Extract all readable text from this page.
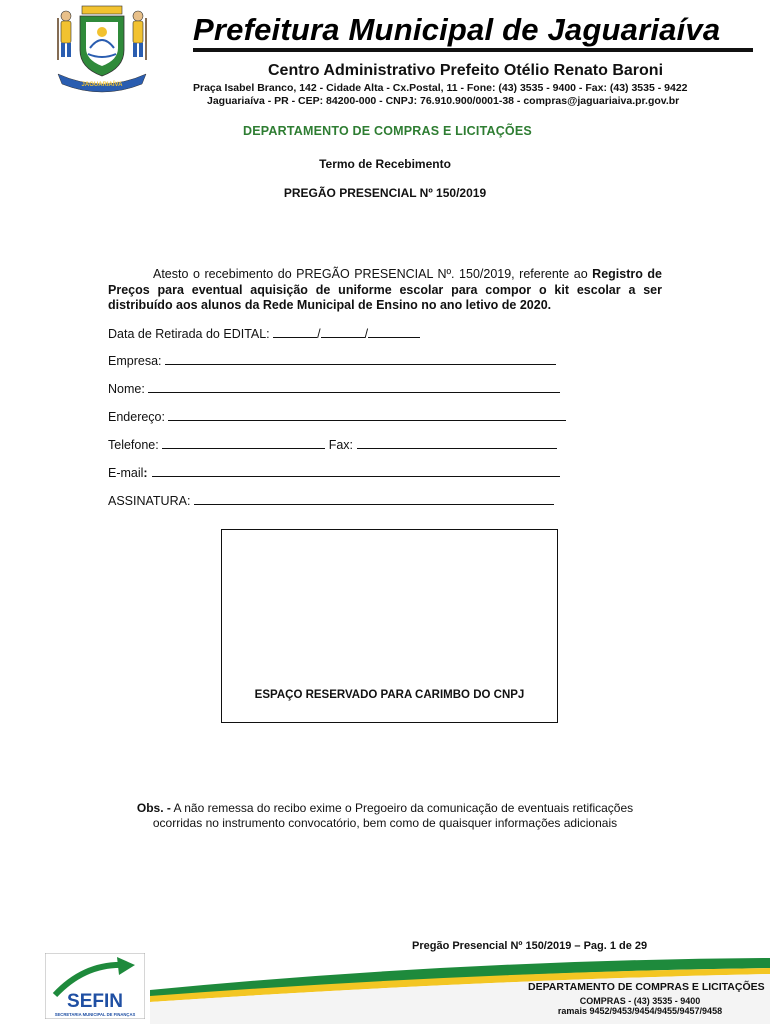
JAGUARIAÍVA
1823	1908
Prefeitura Municipal de Jaguariaíva
Centro Administrativo Prefeito Otélio Renato Baroni
Praça Isabel Branco, 142 - Cidade Alta - Cx.Postal, 11 - Fone: (43) 3535 - 9400 - Fax: (43) 3535 - 9422
Jaguariaíva - PR - CEP: 84200-000 - CNPJ: 76.910.900/0001-38 - compras@jaguariaiva.pr.gov.br
DEPARTAMENTO DE COMPRAS E LICITAÇÕES
Termo de Recebimento
PREGÃO PRESENCIAL Nº 150/2019
Atesto o recebimento do PREGÃO PRESENCIAL Nº. 150/2019, referente ao Registro de Preços para eventual aquisição de uniforme escolar para compor o kit escolar a ser distribuído aos alunos da Rede Municipal de Ensino no ano letivo de 2020.
Data de Retirada do EDITAL:	/	/
Empresa:
Nome:
Endereço:
Telefone:	Fax:
E-mail:
ASSINATURA:
ESPAÇO RESERVADO PARA CARIMBO DO CNPJ
Obs. - A não remessa do recibo exime o Pregoeiro da comunicação de eventuais retificações
ocorridas no instrumento convocatório, bem como de quaisquer informações adicionais
Pregão Presencial Nº 150/2019 – Pag. 1 de 29
SEFIN
SECRETARIA MUNICIPAL DE FINANÇAS
DEPARTAMENTO DE COMPRAS E LICITAÇÕES
COMPRAS - (43) 3535 - 9400
ramais 9452/9453/9454/9455/9457/9458
